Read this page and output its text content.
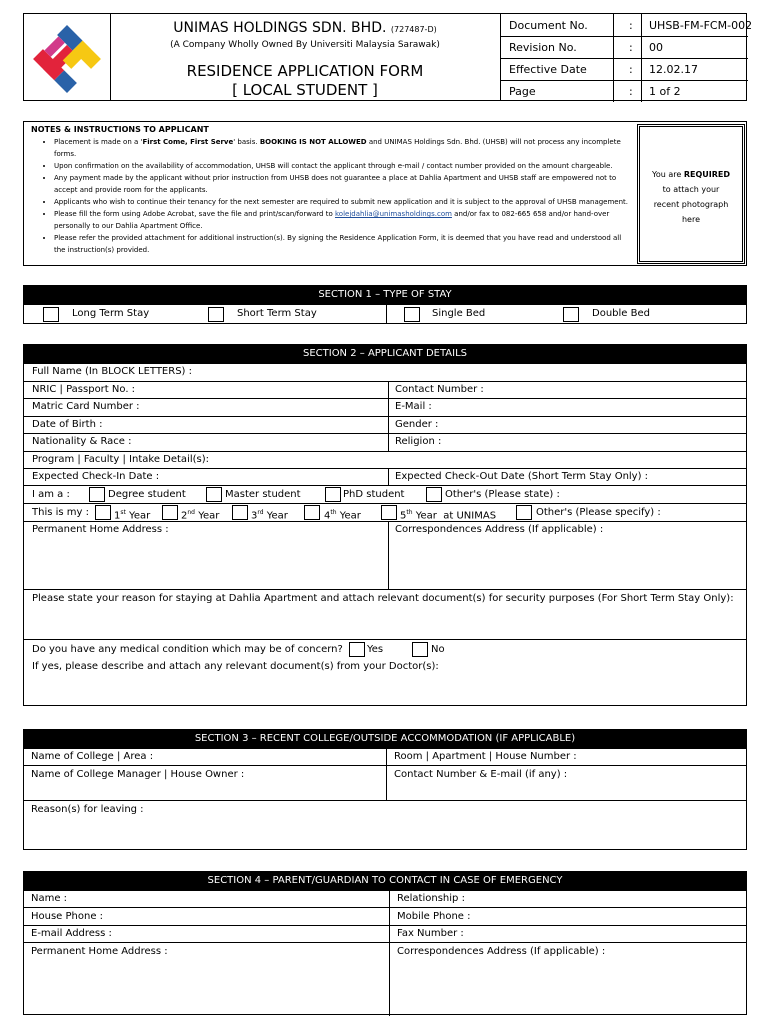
UNIMAS HOLDINGS SDN. BHD. (727487-D)
(A Company Wholly Owned By Universiti Malaysia Sarawak)
RESIDENCE APPLICATION FORM
[ LOCAL STUDENT ]
Document No.	: UHSB-FM-FCM-002
Revision No.	: 00
Effective Date	: 12.02.17
Page	: 1 of 2
NOTES & INSTRUCTIONS TO APPLICANT
• Placement is made on a 'First Come, First Serve' basis. BOOKING IS NOT ALLOWED and UNIMAS Holdings Sdn. Bhd. (UHSB) will not process any incomplete forms.
• Upon confirmation on the availability of accommodation, UHSB will contact the applicant through e-mail / contact number provided on the amount chargeable.
• Any payment made by the applicant without prior instruction from UHSB does not guarantee a place at Dahlia Apartment and UHSB staff are empowered not to accept and provide room for the applicants.
• Applicants who wish to continue their tenancy for the next semester are required to submit new application and it is subject to the approval of UHSB management.
• Please fill the form using Adobe Acrobat, save the file and print/scan/forward to kolejdahlia@unimasholdings.com and/or fax to 082-665 658 and/or hand-over personally to our Dahlia Apartment Office.
• Please refer the provided attachment for additional instruction(s). By signing the Residence Application Form, it is deemed that you have read and understood all the instruction(s) provided.
You are REQUIRED
to attach your
recent photograph
here
SECTION 1 – TYPE OF STAY
Long Term Stay	Short Term Stay	Single Bed	Double Bed
SECTION 2 – APPLICANT DETAILS
Full Name (In BLOCK LETTERS) :
NRIC | Passport No. :	Contact Number :
Matric Card Number :	E-Mail :
Date of Birth :	Gender :
Nationality & Race :	Religion :
Program | Faculty | Intake Detail(s):
Expected Check-In Date :	Expected Check-Out Date (Short Term Stay Only) :
I am a :	Degree student	Master student	PhD student	Other's (Please state) :
This is my :	1st Year	2nd Year	3rd Year	4th Year	5th Year at UNIMAS	Other's (Please specify) :
Permanent Home Address :	Correspondences Address (If applicable) :
Please state your reason for staying at Dahlia Apartment and attach relevant document(s) for security purposes (For Short Term Stay Only):
Do you have any medical condition which may be of concern? Yes	No
If yes, please describe and attach any relevant document(s) from your Doctor(s):
SECTION 3 – RECENT COLLEGE/OUTSIDE ACCOMMODATION (IF APPLICABLE)
Name of College | Area :	Room | Apartment | House Number :
Name of College Manager | House Owner :	Contact Number & E-mail (if any) :
Reason(s) for leaving :
SECTION 4 – PARENT/GUARDIAN TO CONTACT IN CASE OF EMERGENCY
Name :	Relationship :
House Phone :	Mobile Phone :
E-mail Address :	Fax Number :
Permanent Home Address :	Correspondences Address (If applicable) :
